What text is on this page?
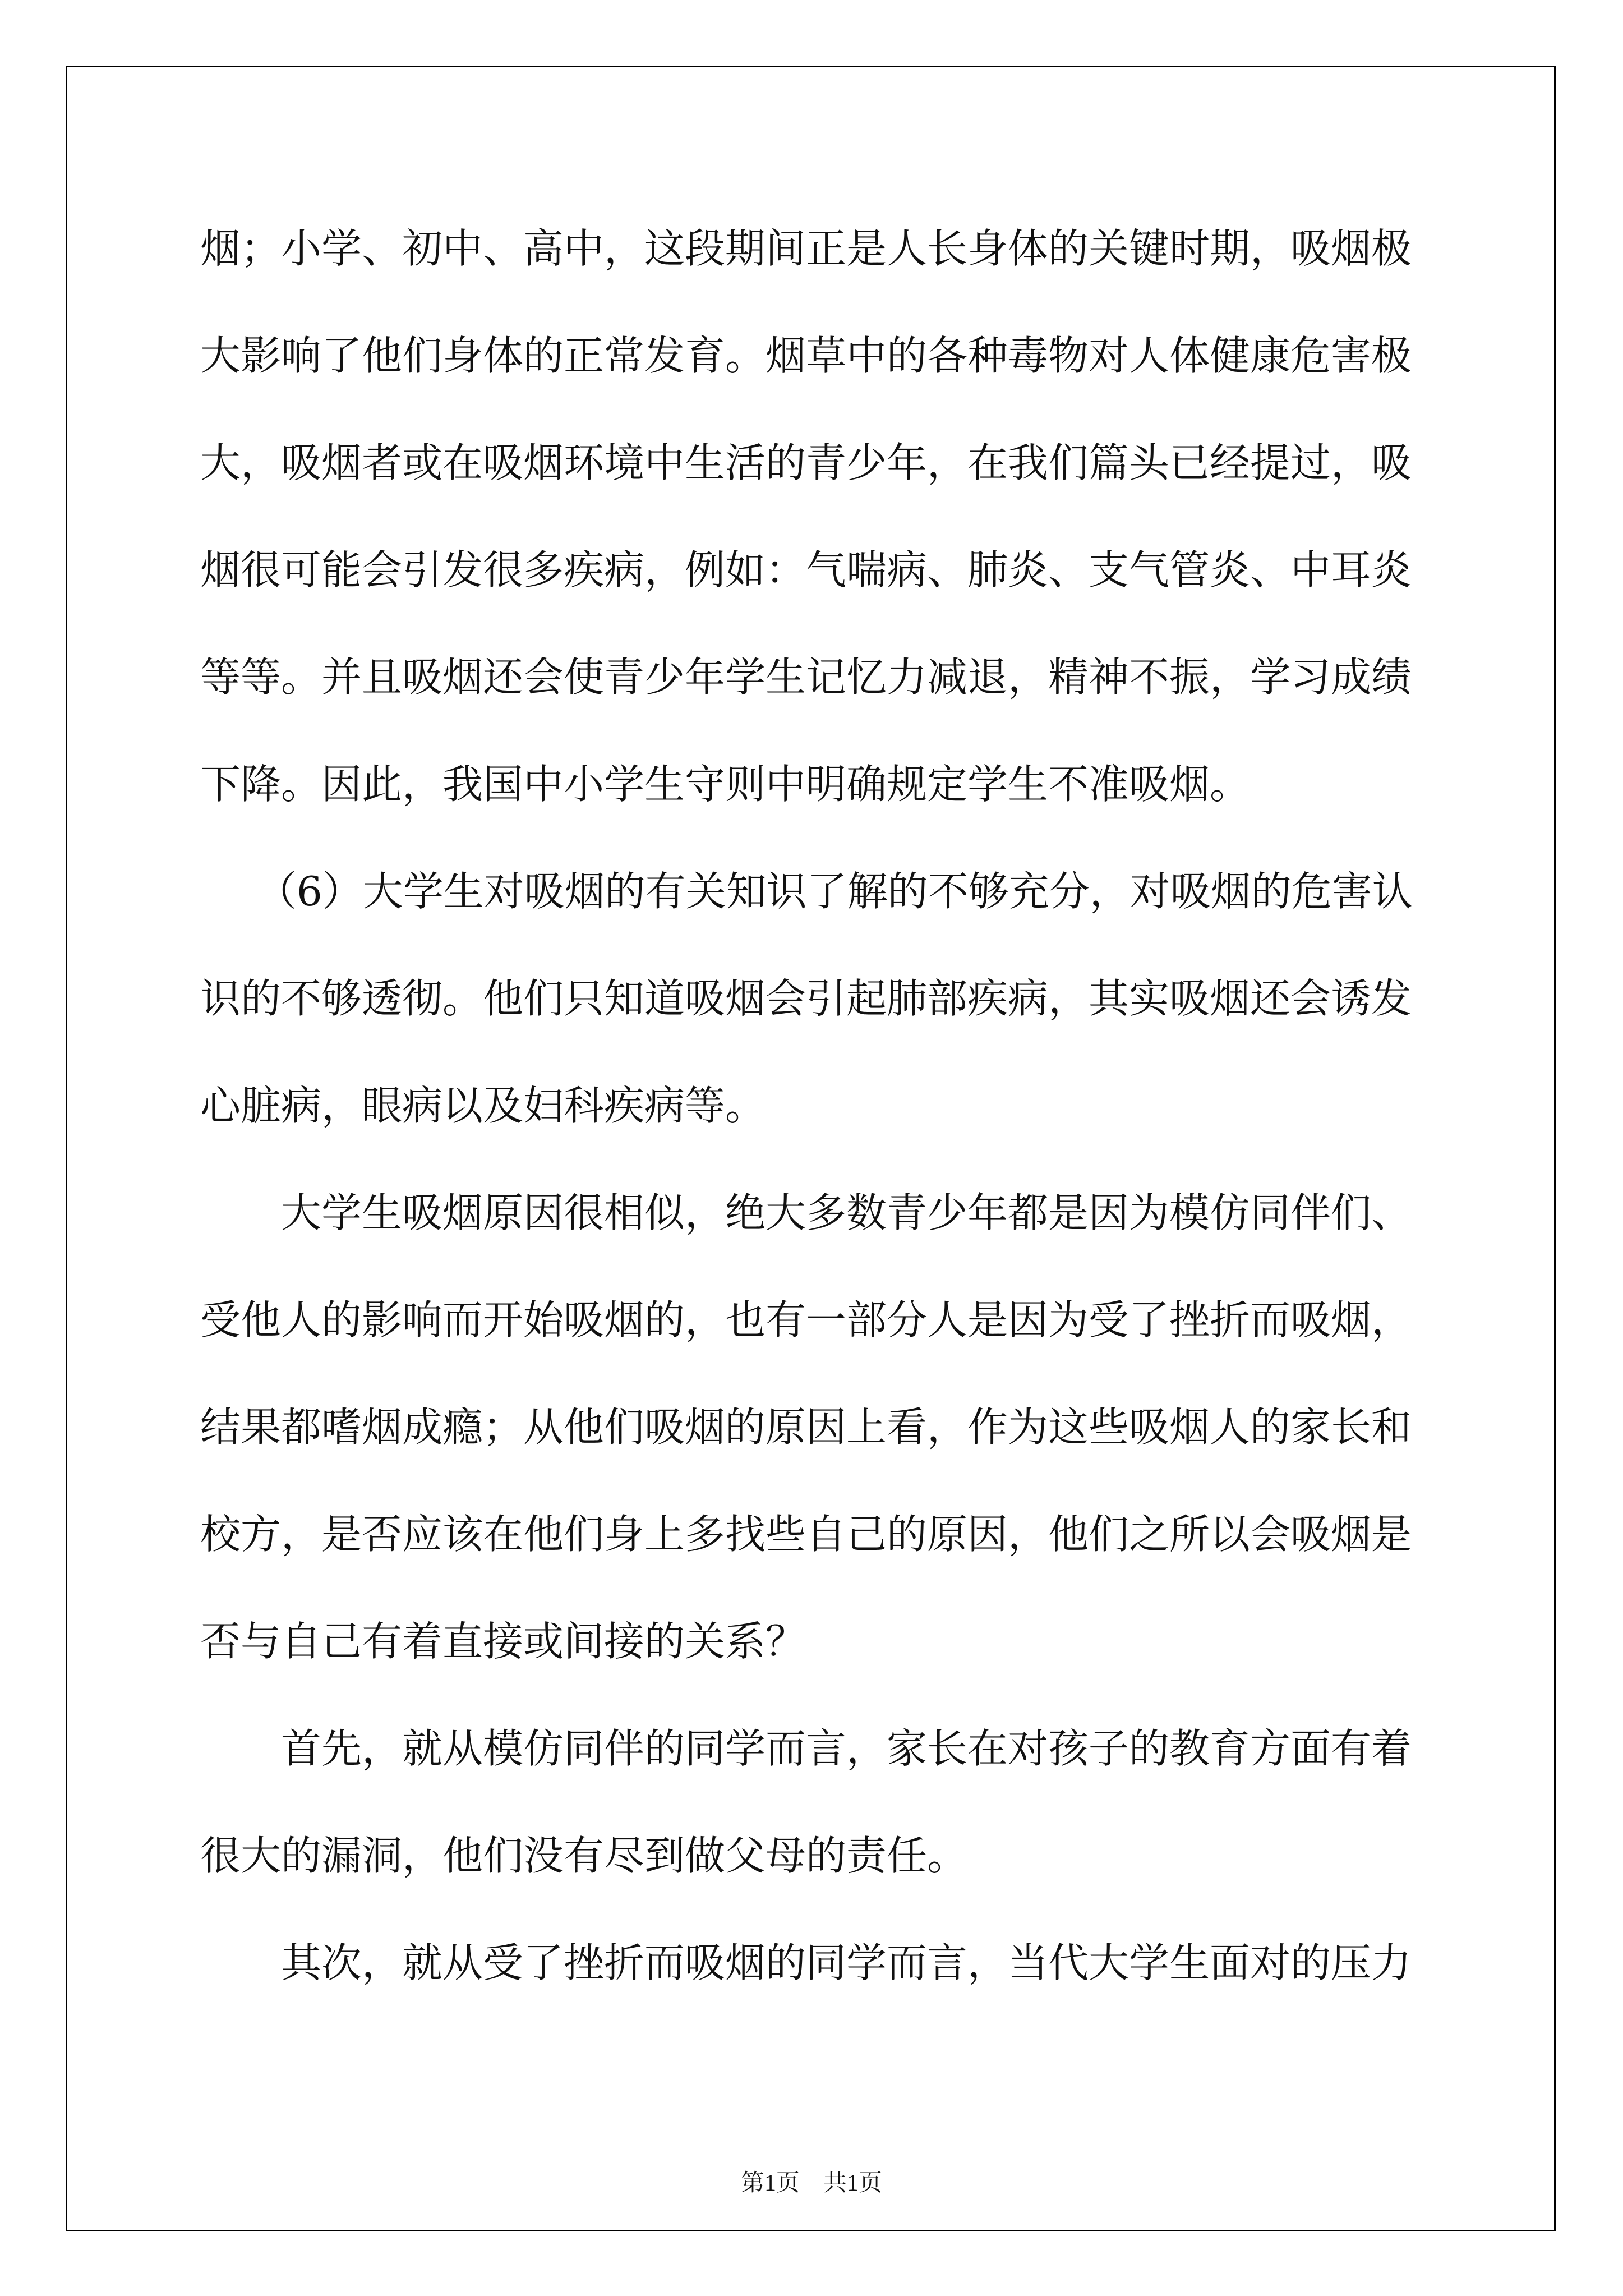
烟；小学、初中、高中，这段期间正是人长身体的关键时期，吸烟极
大影响了他们身体的正常发育。烟草中的各种毒物对人体健康危害极
大，吸烟者或在吸烟环境中生活的青少年，在我们篇头已经提过，吸
烟很可能会引发很多疾病，例如：气喘病、肺炎、支气管炎、中耳炎
等等。并且吸烟还会使青少年学生记忆力减退，精神不振，学习成绩
下降。因此，我国中小学生守则中明确规定学生不准吸烟。
（6）大学生对吸烟的有关知识了解的不够充分，对吸烟的危害认
识的不够透彻。他们只知道吸烟会引起肺部疾病，其实吸烟还会诱发
心脏病，眼病以及妇科疾病等。
大学生吸烟原因很相似，绝大多数青少年都是因为模仿同伴们、
受他人的影响而开始吸烟的，也有一部分人是因为受了挫折而吸烟，
结果都嗜烟成瘾；从他们吸烟的原因上看，作为这些吸烟人的家长和
校方，是否应该在他们身上多找些自己的原因，他们之所以会吸烟是
否与自己有着直接或间接的关系？
首先，就从模仿同伴的同学而言，家长在对孩子的教育方面有着
很大的漏洞，他们没有尽到做父母的责任。
其次，就从受了挫折而吸烟的同学而言，当代大学生面对的压力
第1页　共1页
